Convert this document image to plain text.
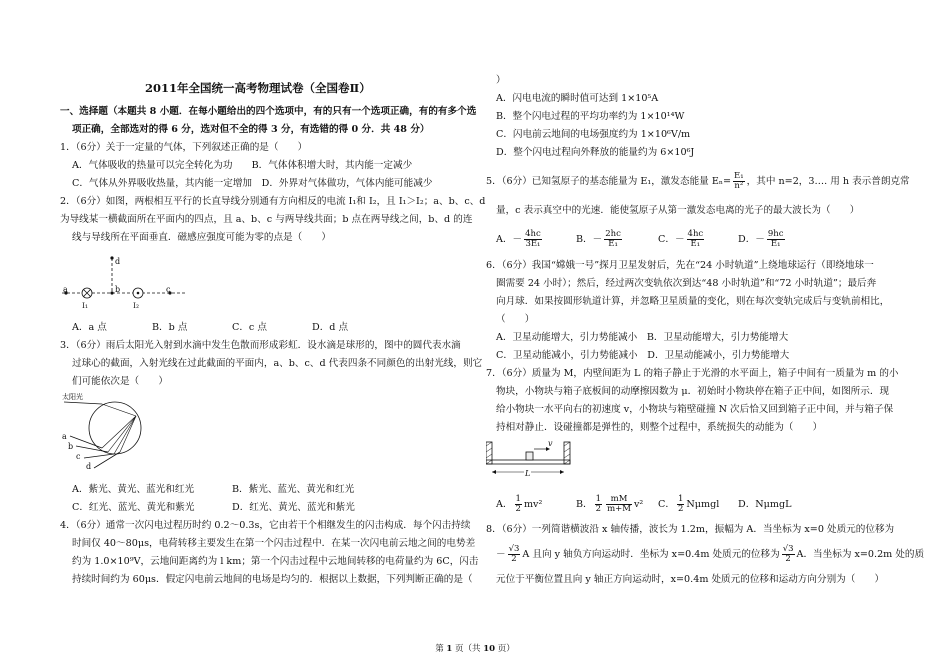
2011年全国统一高考物理试卷（全国卷Ⅱ）
一、选择题（本题共 8 小题．在每小题给出的四个选项中，有的只有一个选项正确，有的有多个选
项正确，全部选对的得 6 分，选对但不全的得 3 分，有选错的得 0 分．共 48 分）
1．（6分）关于一定量的气体，下列叙述正确的是（　　）
A．气体吸收的热量可以完全转化为功　　B．气体体积增大时，其内能一定减少
C．气体从外界吸收热量，其内能一定增加　D．外界对气体做功，气体内能可能减少
2．（6分）如图，两根相互平行的长直导线分别通有方向相反的电流 I₁和 I₂，且 I₁＞I₂；a、b、c、d
为导线某一横截面所在平面内的四点，且 a、b、c 与两导线共面；b 点在两导线之间，b、d 的连
线与导线所在平面垂直．磁感应强度可能为零的点是（　　）
d
a	b	c
I₁	I₂
A．a 点	B．b 点	C．c 点	D．d 点
3．（6分）雨后太阳光入射到水滴中发生色散而形成彩虹．设水滴是球形的，图中的圆代表水滴
过球心的截面，入射光线在过此截面的平面内，a、b、c、d 代表四条不同颜色的出射光线，则它
们可能依次是（　　）
太阳光
a
b
c
d
A．紫光、黄光、蓝光和红光	B．紫光、蓝光、黄光和红光
C．红光、蓝光、黄光和紫光	D．红光、黄光、蓝光和紫光
4．（6分）通常一次闪电过程历时约 0.2～0.3s，它由若干个相继发生的闪击构成．每个闪击持续
时间仅 40～80μs，电荷转移主要发生在第一个闪击过程中．在某一次闪电前云地之间的电势差
约为 1.0×10⁹V，云地间距离约为 l km；第一个闪击过程中云地间转移的电荷量约为 6C，闪击
持续时间约为 60μs．假定闪电前云地间的电场是均匀的．根据以上数据，下列判断正确的是（
）
A．闪电电流的瞬时值可达到 1×10⁵A
B．整个闪电过程的平均功率约为 1×10¹⁴W
C．闪电前云地间的电场强度约为 1×10⁶V/m
D．整个闪电过程向外释放的能量约为 6×10⁶J
5．（6分）已知氢原子的基态能量为 E₁，激发态能量 $E_n= \frac{\text{E₁}}{\text{n²}}$ ，其中 n=2，3…. 用 h 表示普朗克常
量，c 表示真空中的光速．能使氢原子从第一激发态电离的光子的最大波长为（　　）
A．－ $\frac{4hc}{\text{3E₁}}$	B．－ $\frac{2hc}{\text{E₁}}$	C．－ $\frac{4hc}{\text{E₁}}$	D．－ $\frac{9hc}{\text{E₁}}$
6．（6分）我国“嫦娥一号”探月卫星发射后，先在“24 小时轨道”上绕地球运行（即绕地球一
圈需要 24 小时）；然后，经过两次变轨依次到达“48 小时轨道”和“72 小时轨道”；最后奔
向月球．如果按圆形轨道计算，并忽略卫星质量的变化，则在每次变轨完成后与变轨前相比，
（　　）
A．卫星动能增大，引力势能减小　B．卫星动能增大，引力势能增大
C．卫星动能减小，引力势能减小　D．卫星动能减小，引力势能增大
7．（6分）质量为 M，内壁间距为 L 的箱子静止于光滑的水平面上，箱子中间有一质量为 m 的小
物块，小物块与箱子底板间的动摩擦因数为 μ．初始时小物块停在箱子正中间，如图所示．现
给小物块一水平向右的初速度 v，小物块与箱壁碰撞 N 次后恰又回到箱子正中间，并与箱子保
持相对静止．设碰撞都是弹性的，则整个过程中，系统损失的动能为（　　）
v
L
A． $\frac{1}{2} mv^2$	B． $\frac{1}{2} \frac{mM}{m+M} v^2$ C． $\frac{1}{2}$ Nμmgl D．NμmgL
8．（6分）一列简谐横波沿 x 轴传播，波长为 1.2m，振幅为 A．当坐标为 x=0 处质元的位移为
－ $\frac{√3}{2}$ A 且向 y 轴负方向运动时．坐标为 x=0.4m 处质元的位移为 $\frac{√3}{2}$ A．当坐标为 x=0.2m 处的质
元位于平衡位置且向 y 轴正方向运动时，x=0.4m 处质元的位移和运动方向分别为（　　）
第 1 页（共 10 页）
